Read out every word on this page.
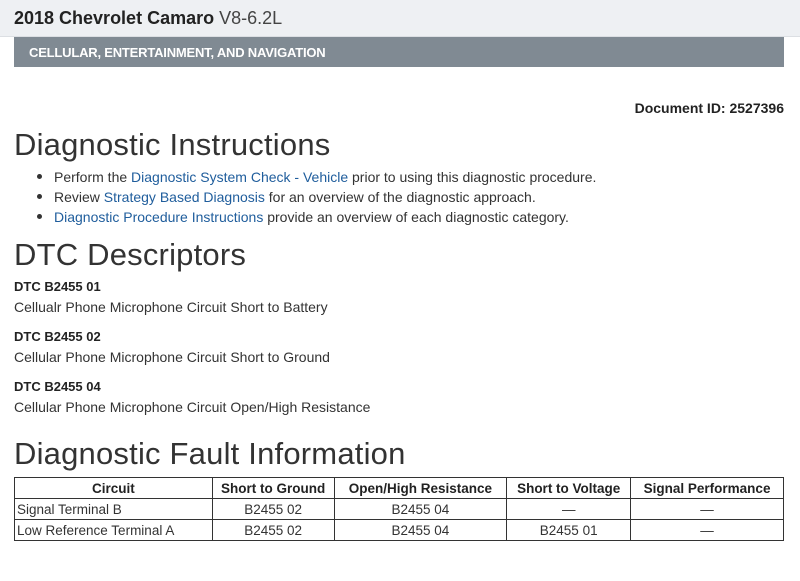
2018 Chevrolet Camaro V8-6.2L
CELLULAR, ENTERTAINMENT, AND NAVIGATION
Document ID: 2527396
Diagnostic Instructions
Perform the Diagnostic System Check - Vehicle prior to using this diagnostic procedure.
Review Strategy Based Diagnosis for an overview of the diagnostic approach.
Diagnostic Procedure Instructions provide an overview of each diagnostic category.
DTC Descriptors
DTC B2455 01
Cellualr Phone Microphone Circuit Short to Battery
DTC B2455 02
Cellular Phone Microphone Circuit Short to Ground
DTC B2455 04
Cellular Phone Microphone Circuit Open/High Resistance
Diagnostic Fault Information
Circuit	Short to Ground	Open/High Resistance	Short to Voltage	Signal Performance
Signal Terminal B	B2455 02	B2455 04	—	—
Low Reference Terminal A	B2455 02	B2455 04	B2455 01	—
